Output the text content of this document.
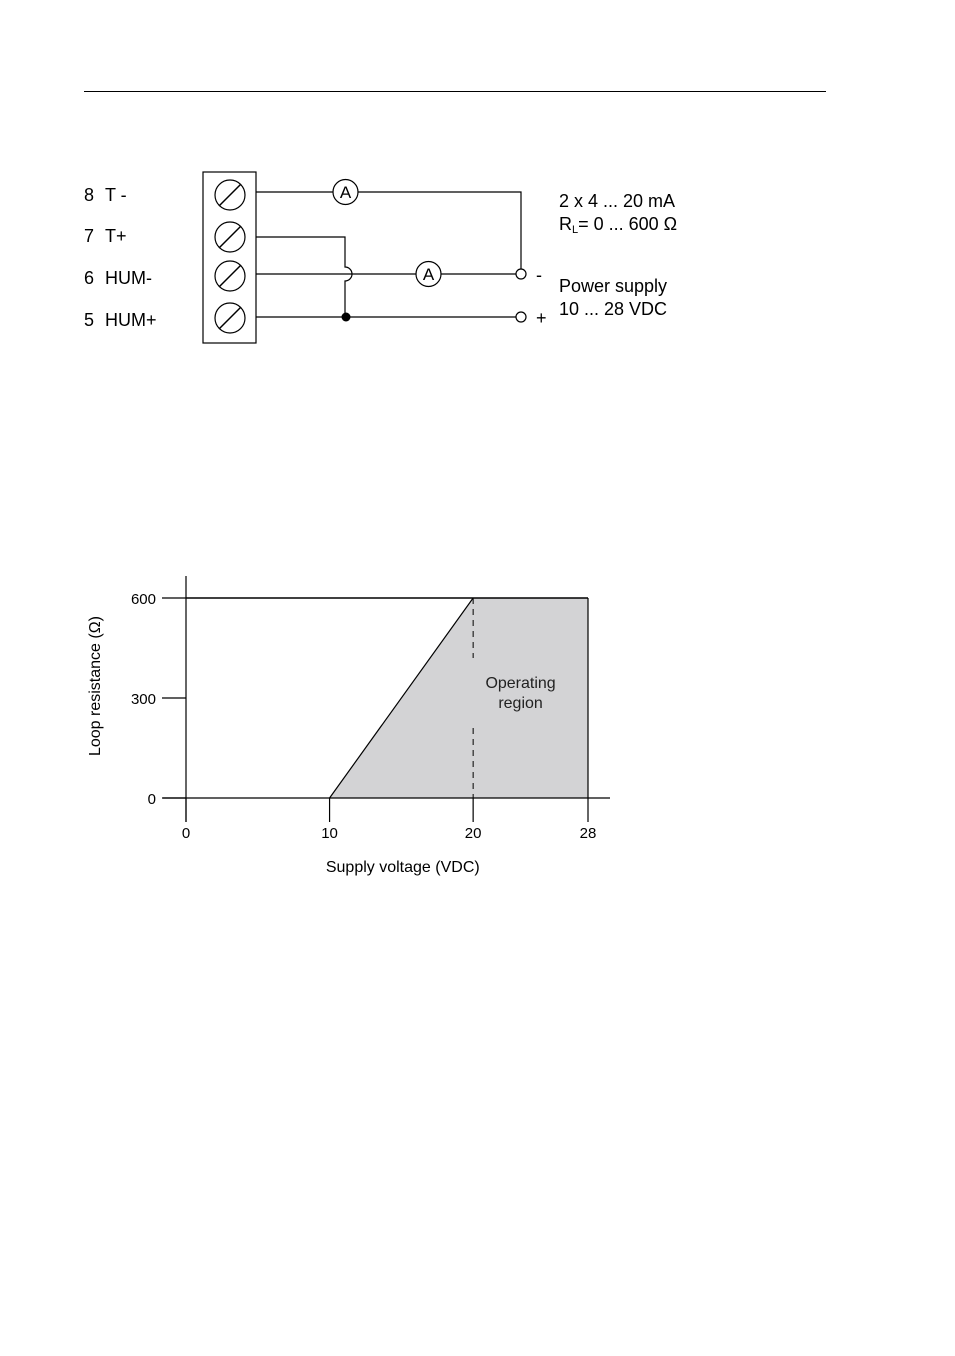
8 T -
7 T+
6 HUM-
5 HUM+
A
A	-
+
2 x 4 ... 20 mA
RL= 0 ... 600 Ω
Power supply
10 ... 28 VDC
0	10	20	28
0
300
600
Operating
region
Supply voltage (VDC)
Loop resistance (Ω)
